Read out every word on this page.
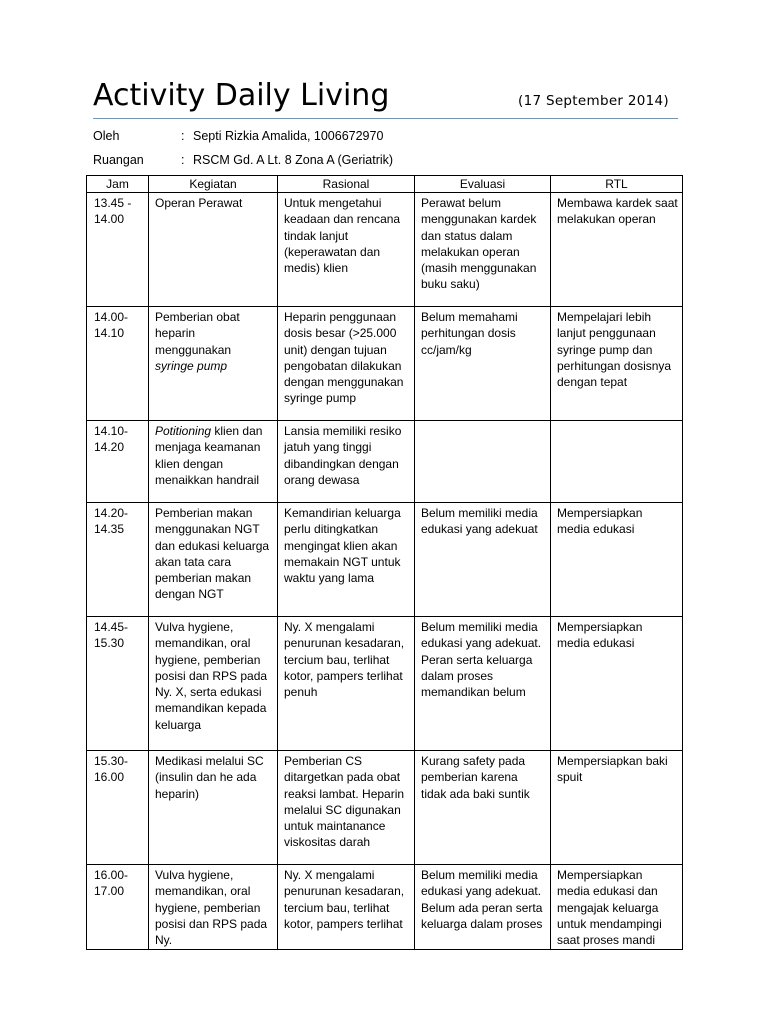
Activity Daily Living	(17 September 2014)
Oleh	: Septi Rizkia Amalida, 1006672970
Ruangan	: RSCM Gd. A Lt. 8 Zona A (Geriatrik)
Jam	Kegiatan	Rasional	Evaluasi	RTL
13.45 - 14.00	Operan Perawat	Untuk mengetahui keadaan dan rencana tindak lanjut (keperawatan dan medis) klien	Perawat belum menggunakan kardek dan status dalam melakukan operan (masih menggunakan buku saku)	Membawa kardek saat melakukan operan
14.00- 14.10	Pemberian obat heparin menggunakan syringe pump	Heparin penggunaan dosis besar (>25.000 unit) dengan tujuan pengobatan dilakukan dengan menggunakan syringe pump	Belum memahami perhitungan dosis cc/jam/kg	Mempelajari lebih lanjut penggunaan syringe pump dan perhitungan dosisnya dengan tepat
14.10- 14.20	Potitioning klien dan menjaga keamanan klien dengan menaikkan handrail	Lansia memiliki resiko jatuh yang tinggi dibandingkan dengan orang dewasa		
14.20- 14.35	Pemberian makan menggunakan NGT dan edukasi keluarga akan tata cara pemberian makan dengan NGT	Kemandirian keluarga perlu ditingkatkan mengingat klien akan memakain NGT untuk waktu yang lama	Belum memiliki media edukasi yang adekuat	Mempersiapkan media edukasi
14.45- 15.30	Vulva hygiene, memandikan, oral hygiene, pemberian posisi dan RPS pada Ny. X, serta edukasi memandikan kepada keluarga	Ny. X mengalami penurunan kesadaran, tercium bau, terlihat kotor, pampers terlihat penuh	Belum memiliki media edukasi yang adekuat. Peran serta keluarga dalam proses memandikan belum	Mempersiapkan media edukasi
15.30- 16.00	Medikasi melalui SC (insulin dan he ada heparin)	Pemberian CS ditargetkan pada obat reaksi lambat. Heparin melalui SC digunakan untuk maintanance viskositas darah	Kurang safety pada pemberian karena tidak ada baki suntik	Mempersiapkan baki spuit
16.00- 17.00	Vulva hygiene, memandikan, oral hygiene, pemberian posisi dan RPS pada Ny.	Ny. X mengalami penurunan kesadaran, tercium bau, terlihat kotor, pampers terlihat	Belum memiliki media edukasi yang adekuat. Belum ada peran serta keluarga dalam proses	Mempersiapkan media edukasi dan mengajak keluarga untuk mendampingi saat proses mandi
